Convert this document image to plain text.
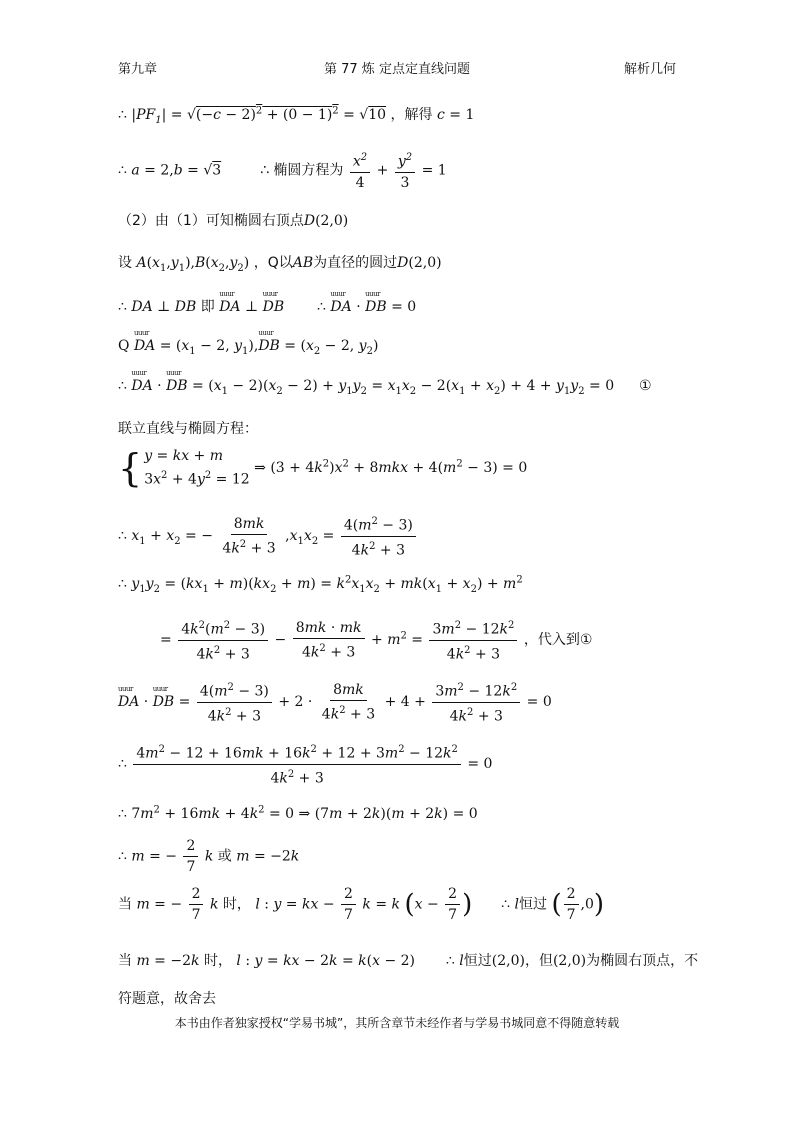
第九章	第 77 炼 定点定直线问题	解析几何
∴ $|PF_1| = √(-c - 2)^2 + (0 - 1)^2 = √10$ ，解得 c = 1
∴ a = 2,b = √3	∴ 椭圆方程为 $\frac{x^2}{4} + \frac{y^2}{3} = 1$
（2）由（1）可知椭圆右顶点D(2,0)
设 $A(x_1,y_1),B(x_2,y_2)$ ，Q以AB为直径的圆过D(2,0)
∴ DA ⊥ DB 即 uuur DA ⊥ uuur DB ∴ uuur DA · uuur DB = 0
Q uuur DA = ($x_1 - 2$, $y_1),uuur$ DB = ($x_2 - 2$, $y_2$)
∴ uuur DA · uuur DB = $(x_1 - 2)(x_2 - 2) + y_1y_2 = x_1x_2 - 2(x_1 + x_2) + 4 + y_1y_2 = 0$ ①
联立直线与椭圆方程：
{ y = kx + m
$3x^2 + 4y^2 = 12$
⇒ $(3 + 4k^2)x^2 + 8mkx + 4(m^2 - 3) = 0$
∴ $x_1 + x_2$ = − $\frac{8mk}{4k^2 + 3} ,x_1x_2 = \frac{4(m^2 - 3)}{4k^2 + 3}$
∴ $y_1y_2 = (kx_1 + m)(kx_2 + m) = k^2x_1x_2 + mk(x_1 + x_2) + m^2$
= $\frac{4k^2(m^2 - 3)}{4k^2 + 3} - \frac{8mk \cdot mk}{4k^2 + 3} + m^2 = \frac{3m^2 - 12k^2}{4k^2 + 3}$ ，代入到①
uuur DA · uuur DB = $\frac{4(m^2 - 3)}{4k^2 + 3} + 2 \cdot \frac{8mk}{4k^2 + 3} + 4 + \frac{3m^2 - 12k^2}{4k^2 + 3} = 0$
∴ $\frac{4m^2 - 12 + 16mk + 16k^2 + 12 + 3m^2 - 12k^2}{4k^2 + 3} = 0$
∴ $7m^2 + 16mk + 4k^2 = 0$ ⇒ (7m + 2k)(m + 2k) = 0
∴ m = − $\frac{2}{7}$ k 或 m = −2k
当 m = − $\frac{2}{7}$ k 时， l : y = kx − $\frac{2}{7}$ k = k ($x - \frac{2}{7}$ ) ∴ l恒过 ( $\frac{2}{7} ,0$)
当 m = −2k 时， l : y = kx − 2k = k(x − 2) ∴ l恒过(2,0)，但(2,0)为椭圆右顶点，不
符题意，故舍去
本书由作者独家授权“学易书城”，其所含章节未经作者与学易书城同意不得随意转载
